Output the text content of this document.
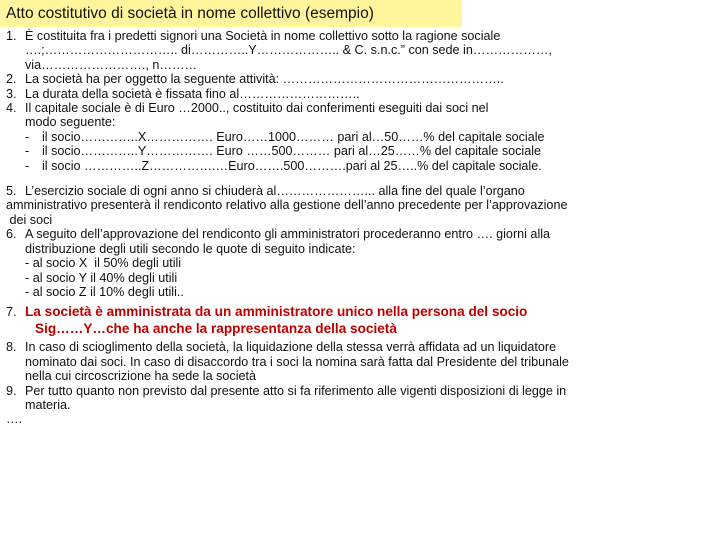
Atto costitutivo di società in nome collettivo (esempio)
1. È costituita fra i predetti signori una Società in nome collettivo sotto la ragione sociale
….;………………………….. di…………..Y……………….. & C. s.n.c.” con sede in………………,
via……………………., n………
2. La società ha per oggetto la seguente attività: ……………………………………………..
3. La durata della società è fissata fino al………………………..
4. Il capitale sociale è di Euro …2000.., costituito dai conferimenti eseguiti dai soci nel
modo seguente:
- il socio…………..X……………. Euro……1000……… pari al…50……% del capitale sociale
- il socio…………..Y……………. Euro ……500……… pari al…25……% del capitale sociale
- il socio …………..Z…………….…Euro…….500……….pari al 25…..% del capitale sociale.
5. L’esercizio sociale di ogni anno si chiuderà al…………………... alla fine del quale l’organo
amministrativo presenterà il rendiconto relativo alla gestione dell’anno precedente per l’approvazione
dei soci
6. A seguito dell’approvazione del rendiconto gli amministratori procederanno entro …. giorni alla
distribuzione degli utili secondo le quote di seguito indicate:
- al socio X  il 50% degli utili
- al socio Y il 40% degli utili
- al socio Z il 10% degli utili..
7. La società è amministrata da un amministratore unico nella persona del socio
Sig……Y…che ha anche la rappresentanza della società
8. In caso di scioglimento della società, la liquidazione della stessa verrà affidata ad un liquidatore
nominato dai soci. In caso di disaccordo tra i soci la nomina sarà fatta dal Presidente del tribunale
nella cui circoscrizione ha sede la società
9. Per tutto quanto non previsto dal presente atto si fa riferimento alle vigenti disposizioni di legge in
materia.
….
